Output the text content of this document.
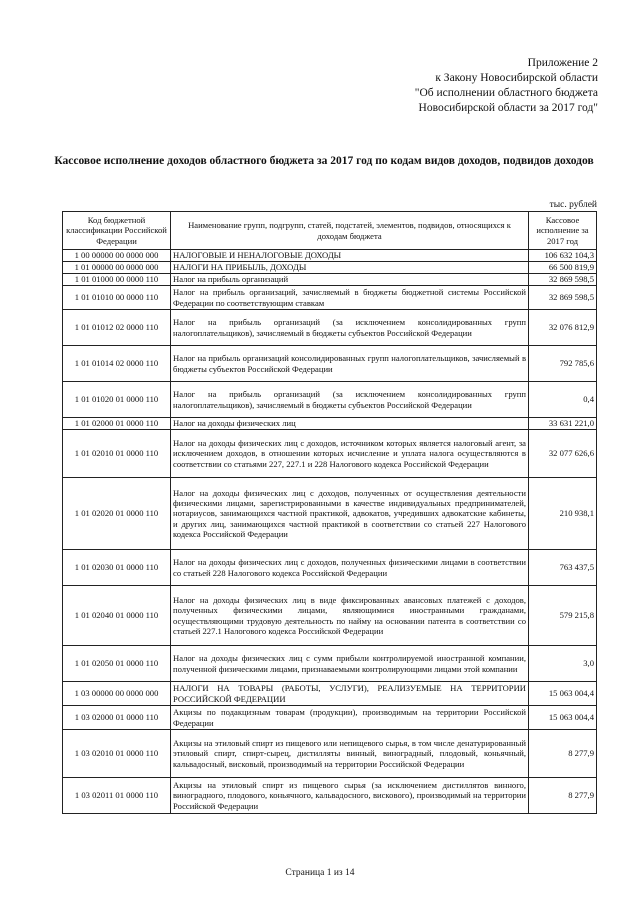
Приложение 2
к Закону Новосибирской области
"Об исполнении областного бюджета
Новосибирской области за 2017 год"
Кассовое исполнение доходов областного бюджета за 2017 год по кодам видов доходов, подвидов доходов
тыс. рублей
Код бюджетной классификации Российской Федерации	Наименование групп, подгрупп, статей, подстатей, элементов, подвидов, относящихся к доходам бюджета	Кассовое исполнение за 2017 год
1 00 00000 00 0000 000	НАЛОГОВЫЕ И НЕНАЛОГОВЫЕ ДОХОДЫ	106 632 104,3
1 01 00000 00 0000 000	НАЛОГИ НА ПРИБЫЛЬ, ДОХОДЫ	66 500 819,9
1 01 01000 00 0000 110	Налог на прибыль организаций	32 869 598,5
1 01 01010 00 0000 110	Налог на прибыль организаций, зачисляемый в бюджеты бюджетной системы Российской Федерации по соответствующим ставкам	32 869 598,5
1 01 01012 02 0000 110	Налог на прибыль организаций (за исключением консолидированных групп налогоплательщиков), зачисляемый в бюджеты субъектов Российской Федерации	32 076 812,9
1 01 01014 02 0000 110	Налог на прибыль организаций консолидированных групп налогоплательщиков, зачисляемый в бюджеты субъектов Российской Федерации	792 785,6
1 01 01020 01 0000 110	Налог на прибыль организаций (за исключением консолидированных групп налогоплательщиков), зачисляемый в бюджеты субъектов Российской Федерации	0,4
1 01 02000 01 0000 110	Налог на доходы физических лиц	33 631 221,0
1 01 02010 01 0000 110	Налог на доходы физических лиц с доходов, источником которых является налоговый агент, за исключением доходов, в отношении которых исчисление и уплата налога осуществляются в соответствии со статьями 227, 227.1 и 228 Налогового кодекса Российской Федерации	32 077 626,6
1 01 02020 01 0000 110	Налог на доходы физических лиц с доходов, полученных от осуществления деятельности физическими лицами, зарегистрированными в качестве индивидуальных предпринимателей, нотариусов, занимающихся частной практикой, адвокатов, учредивших адвокатские кабинеты, и других лиц, занимающихся частной практикой в соответствии со статьей 227 Налогового кодекса Российской Федерации	210 938,1
1 01 02030 01 0000 110	Налог на доходы физических лиц с доходов, полученных физическими лицами в соответствии со статьей 228 Налогового кодекса Российской Федерации	763 437,5
1 01 02040 01 0000 110	Налог на доходы физических лиц в виде фиксированных авансовых платежей с доходов, полученных физическими лицами, являющимися иностранными гражданами, осуществляющими трудовую деятельность по найму на основании патента в соответствии со статьей 227.1 Налогового кодекса Российской Федерации	579 215,8
1 01 02050 01 0000 110	Налог на доходы физических лиц с сумм прибыли контролируемой иностранной компании, полученной физическими лицами, признаваемыми контролирующими лицами этой компании	3,0
1 03 00000 00 0000 000	НАЛОГИ НА ТОВАРЫ (РАБОТЫ, УСЛУГИ), РЕАЛИЗУЕМЫЕ НА ТЕРРИТОРИИ РОССИЙСКОЙ ФЕДЕРАЦИИ	15 063 004,4
1 03 02000 01 0000 110	Акцизы по подакцизным товарам (продукции), производимым на территории Российской Федерации	15 063 004,4
1 03 02010 01 0000 110	Акцизы на этиловый спирт из пищевого или непищевого сырья, в том числе денатурированный этиловый спирт, спирт-сырец, дистилляты винный, виноградный, плодовый, коньячный, кальвадосный, висковый, производимый на территории Российской Федерации	8 277,9
1 03 02011 01 0000 110	Акцизы на этиловый спирт из пищевого сырья (за исключением дистиллятов винного, виноградного, плодового, коньячного, кальвадосного, вискового), производимый на территории Российской Федерации	8 277,9
Страница 1 из 14
